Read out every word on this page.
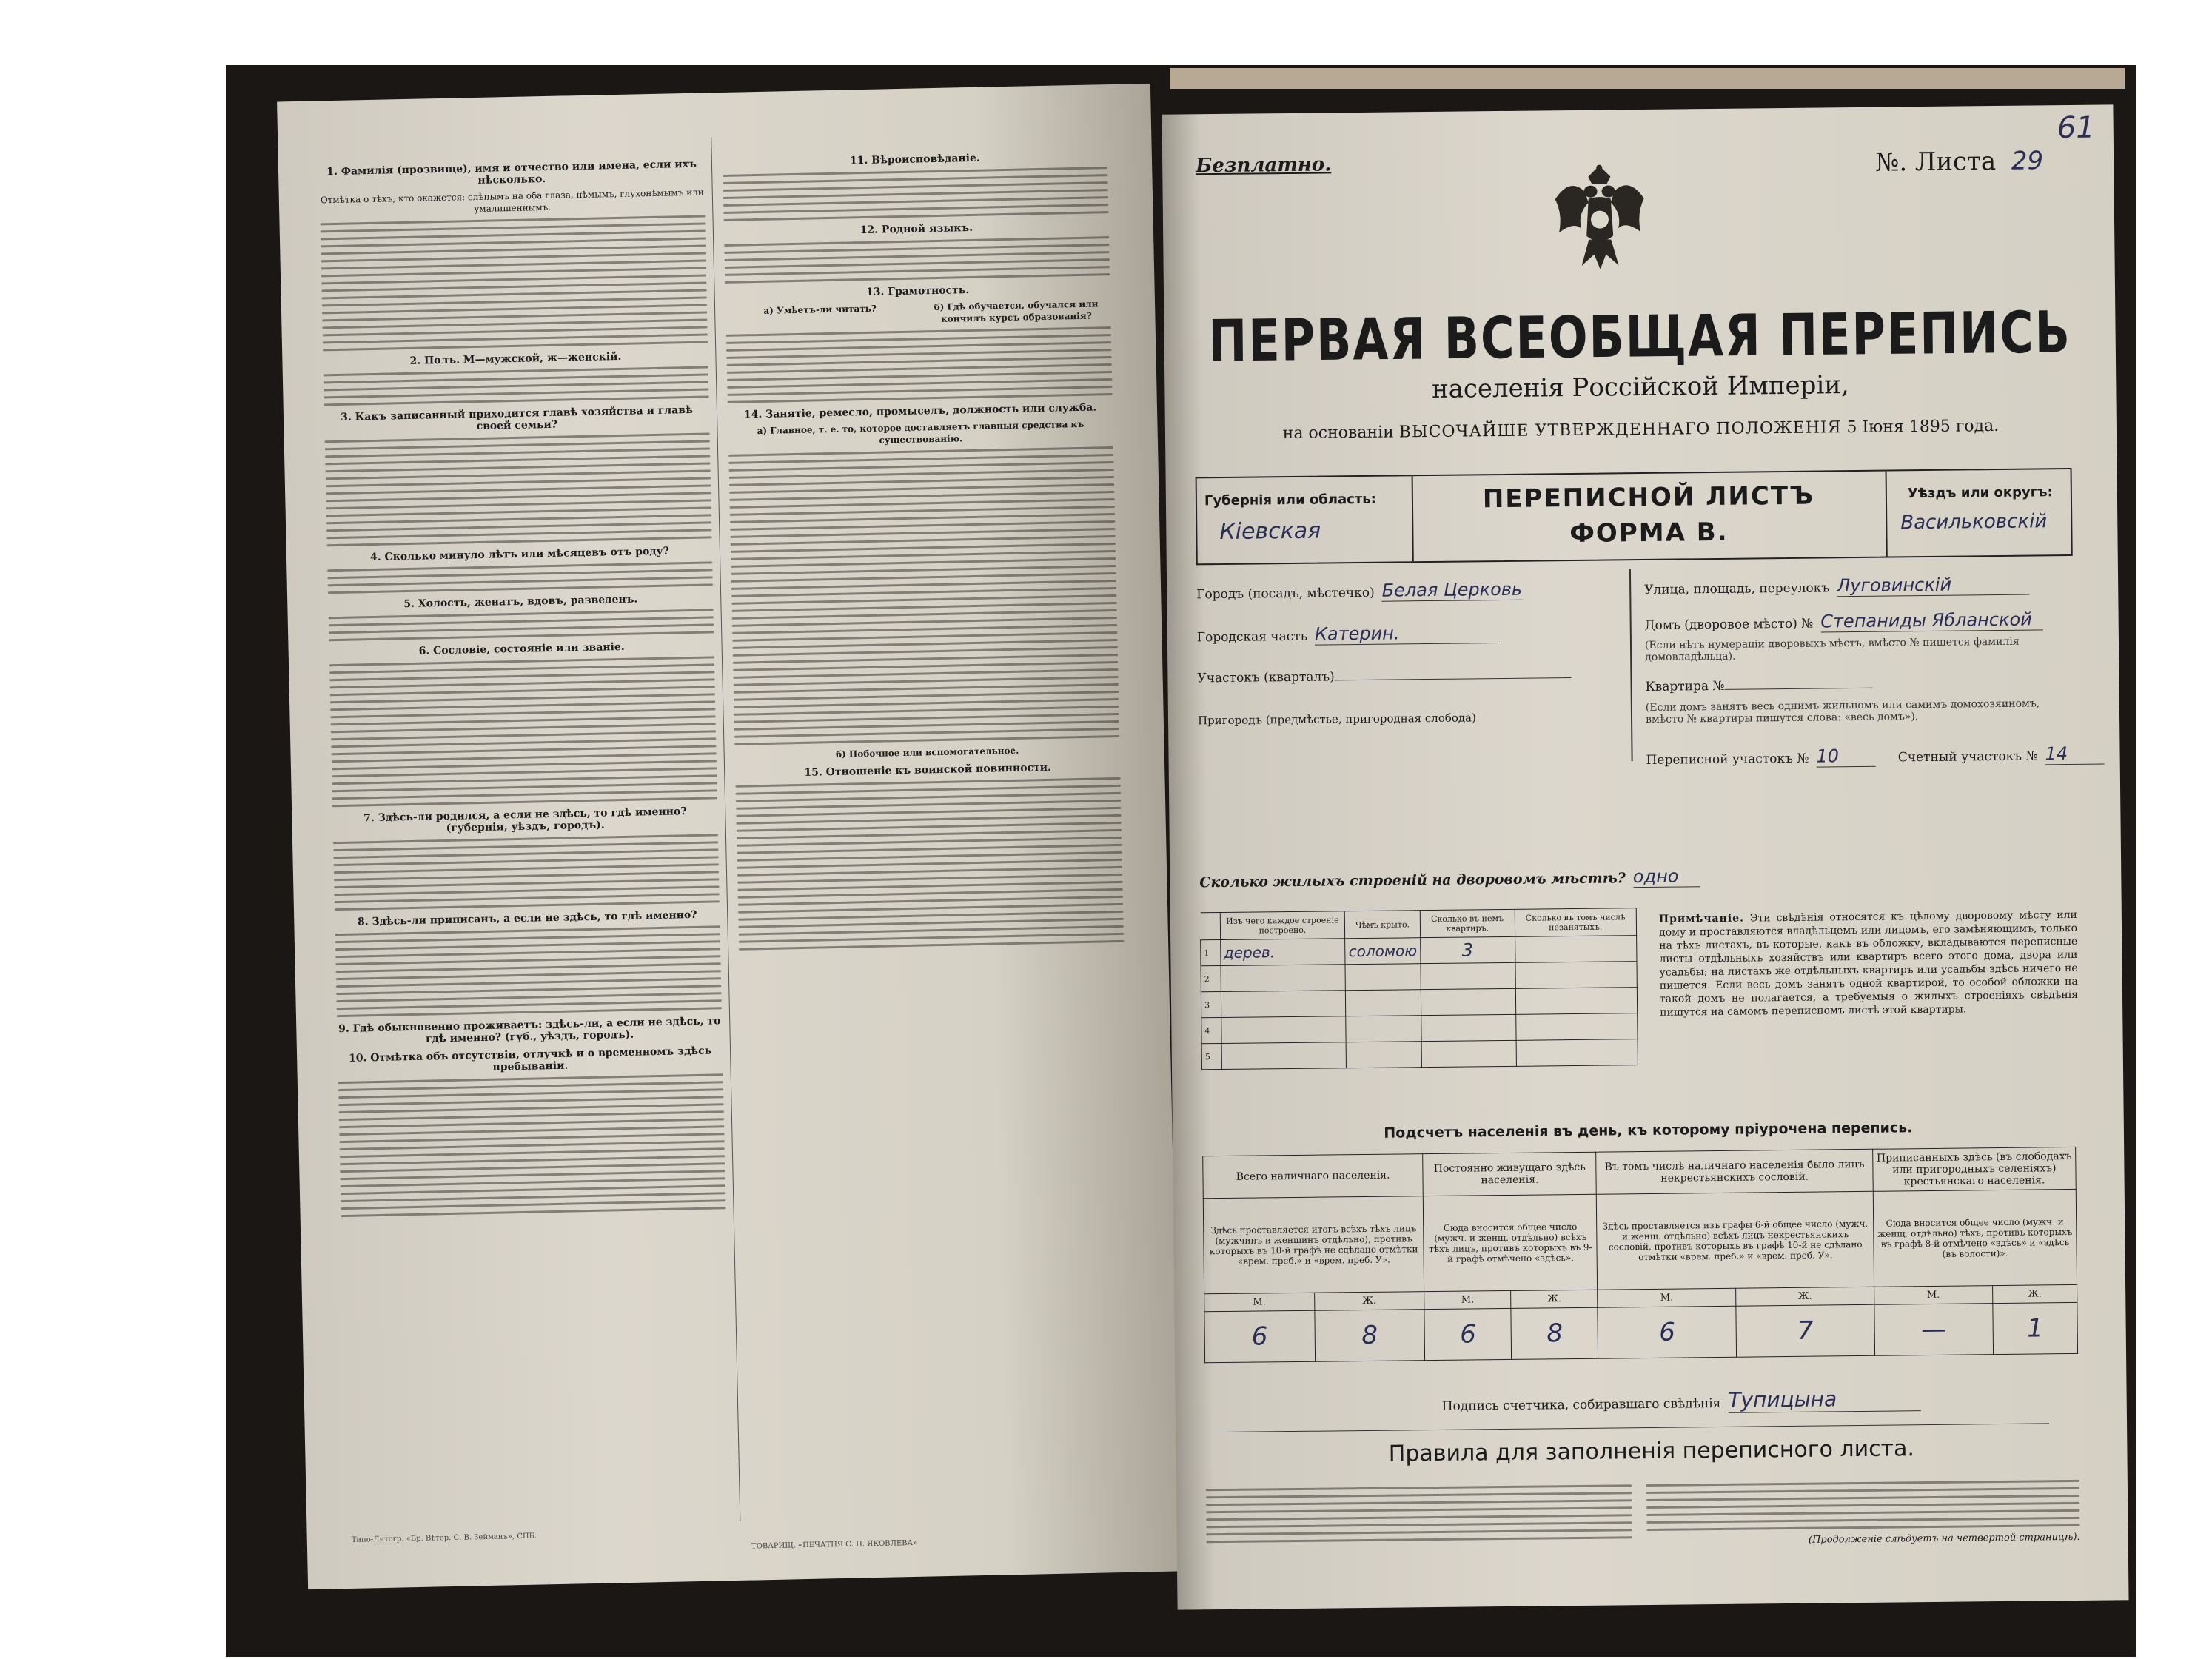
1. Фамилія (прозвище), имя и отчество или имена, если ихъ нѣсколько.
Отмѣтка о тѣхъ, кто окажется: слѣпымъ на оба глаза, нѣмымъ, глухонѣмымъ или умалишеннымъ.
2. Полъ. М—мужской, ж—женскій.
3. Какъ записанный приходится главѣ хозяйства и главѣ своей семьи?
4. Сколько минуло лѣтъ или мѣсяцевъ отъ роду?
5. Холость, женатъ, вдовъ, разведенъ.
6. Сословіе, состояніе или званіе.
7. Здѣсь-ли родился, а если не здѣсь, то гдѣ именно? (губернія, уѣздъ, городъ).
8. Здѣсь-ли приписанъ, а если не здѣсь, то гдѣ именно?
9. Гдѣ обыкновенно проживаетъ: здѣсь-ли, а если не здѣсь, то гдѣ именно? (губ., уѣздъ, городъ).
10. Отмѣтка объ отсутствіи, отлучкѣ и о временномъ здѣсь пребываніи.
11. Вѣроисповѣданіе.
12. Родной языкъ.
13. Грамотность.
а) Умѣетъ-ли читать?	б) Гдѣ обучается, обучался или кончилъ курсъ образованія?
14. Занятіе, ремесло, промыселъ, должность или служба.
а) Главное, т. е. то, которое доставляетъ главныя средства къ существованію.
б) Побочное или вспомогательное.
15. Отношеніе къ воинской повинности.
Типо-Литогр. «Бр. Вѣтер. С. В. Зейманъ», СПБ.
ТОВАРИЩ. «ПЕЧАТНЯ С. П. ЯКОВЛЕВА»
Безплатно.
61
№. Листа 29
ПЕРВАЯ ВСЕОБЩАЯ ПЕРЕПИСЬ
населенія Россійской Имперіи,
на основаніи ВЫСОЧАЙШЕ УТВЕРЖДЕННАГО ПОЛОЖЕНІЯ 5 Іюня 1895 года.
Губернія или область:
Кіевская
ПЕРЕПИСНОЙ ЛИСТЪ
ФОРМА В.
Уѣздъ или округъ:
Васильковскій
Городъ (посадъ, мѣстечко) Белая Церковь
Городская часть Катерин.
Участокъ (кварталъ)
Пригородъ (предмѣстье, пригородная слобода)
Улица, площадь, переулокъ Луговинскій
Домъ (дворовое мѣсто) № Степаниды Ябланской
(Если нѣтъ нумераціи дворовыхъ мѣстъ, вмѣсто № пишется фамилія домовладѣльца).
Квартира №
(Если домъ занятъ весь однимъ жильцомъ или самимъ домохозяиномъ, вмѣсто № квартиры пишутся слова: «весь домъ»).
Переписной участокъ № 10	Счетный участокъ № 14
Сколько жилыхъ строеній на дворовомъ мѣстѣ? одно
	Изъ чего каждое строеніе построено.	Чѣмъ крыто.	Сколько въ немъ квартиръ.	Сколько въ томъ числѣ незанятыхъ.
1	дерев.	соломою	3	
2				
3				
4				
5				
Примѣчаніе. Эти свѣдѣнія относятся къ цѣлому дворовому мѣсту или дому и проставляются владѣльцемъ или лицомъ, его замѣняющимъ, только на тѣхъ листахъ, въ которые, какъ въ обложку, вкладываются переписные листы отдѣльныхъ хозяйствъ или квартиръ всего этого дома, двора или усадьбы; на листахъ же отдѣльныхъ квартиръ или усадьбы здѣсь ничего не пишется. Если весь домъ занятъ одной квартирой, то особой обложки на такой домъ не полагается, а требуемыя о жилыхъ строеніяхъ свѣдѣнія пишутся на самомъ переписномъ листѣ этой квартиры.
Подсчетъ населенія въ день, къ которому пріурочена перепись.
Всего наличнаго населенія.		Постоянно живущаго здѣсь населенія.		Въ томъ числѣ наличнаго населенія было лицъ некрестьянскихъ сословій.		Приписанныхъ здѣсь (въ слободахъ или пригородныхъ селеніяхъ) крестьянскаго населенія.	
Здѣсь проставляется итогъ всѣхъ тѣхъ лицъ (мужчинъ и женщинъ отдѣльно), противъ которыхъ въ 10-й графѣ не сдѣлано отмѣтки «врем. преб.» и «врем. преб. У».		Сюда вносится общее число (мужч. и женщ. отдѣльно) всѣхъ тѣхъ лицъ, противъ которыхъ въ 9-й графѣ отмѣчено «здѣсь».		Здѣсь проставляется изъ графы 6-й общее число (мужч. и женщ. отдѣльно) всѣхъ лицъ некрестьянскихъ сословій, противъ которыхъ въ графѣ 10-й не сдѣлано отмѣтки «врем. преб.» и «врем. преб. У».		Сюда вносится общее число (мужч. и женщ. отдѣльно) тѣхъ, противъ которыхъ въ графѣ 8-й отмѣчено «здѣсь» и «здѣсь (въ волости)».	
М.	Ж.	М.	Ж.	М.	Ж.	М.	Ж.
6	8	6	8	6	7	—	1
Подпись счетчика, собиравшаго свѣдѣнія Тупицына
Правила для заполненія переписного листа.
(Продолженіе слѣдуетъ на четвертой страницѣ).
